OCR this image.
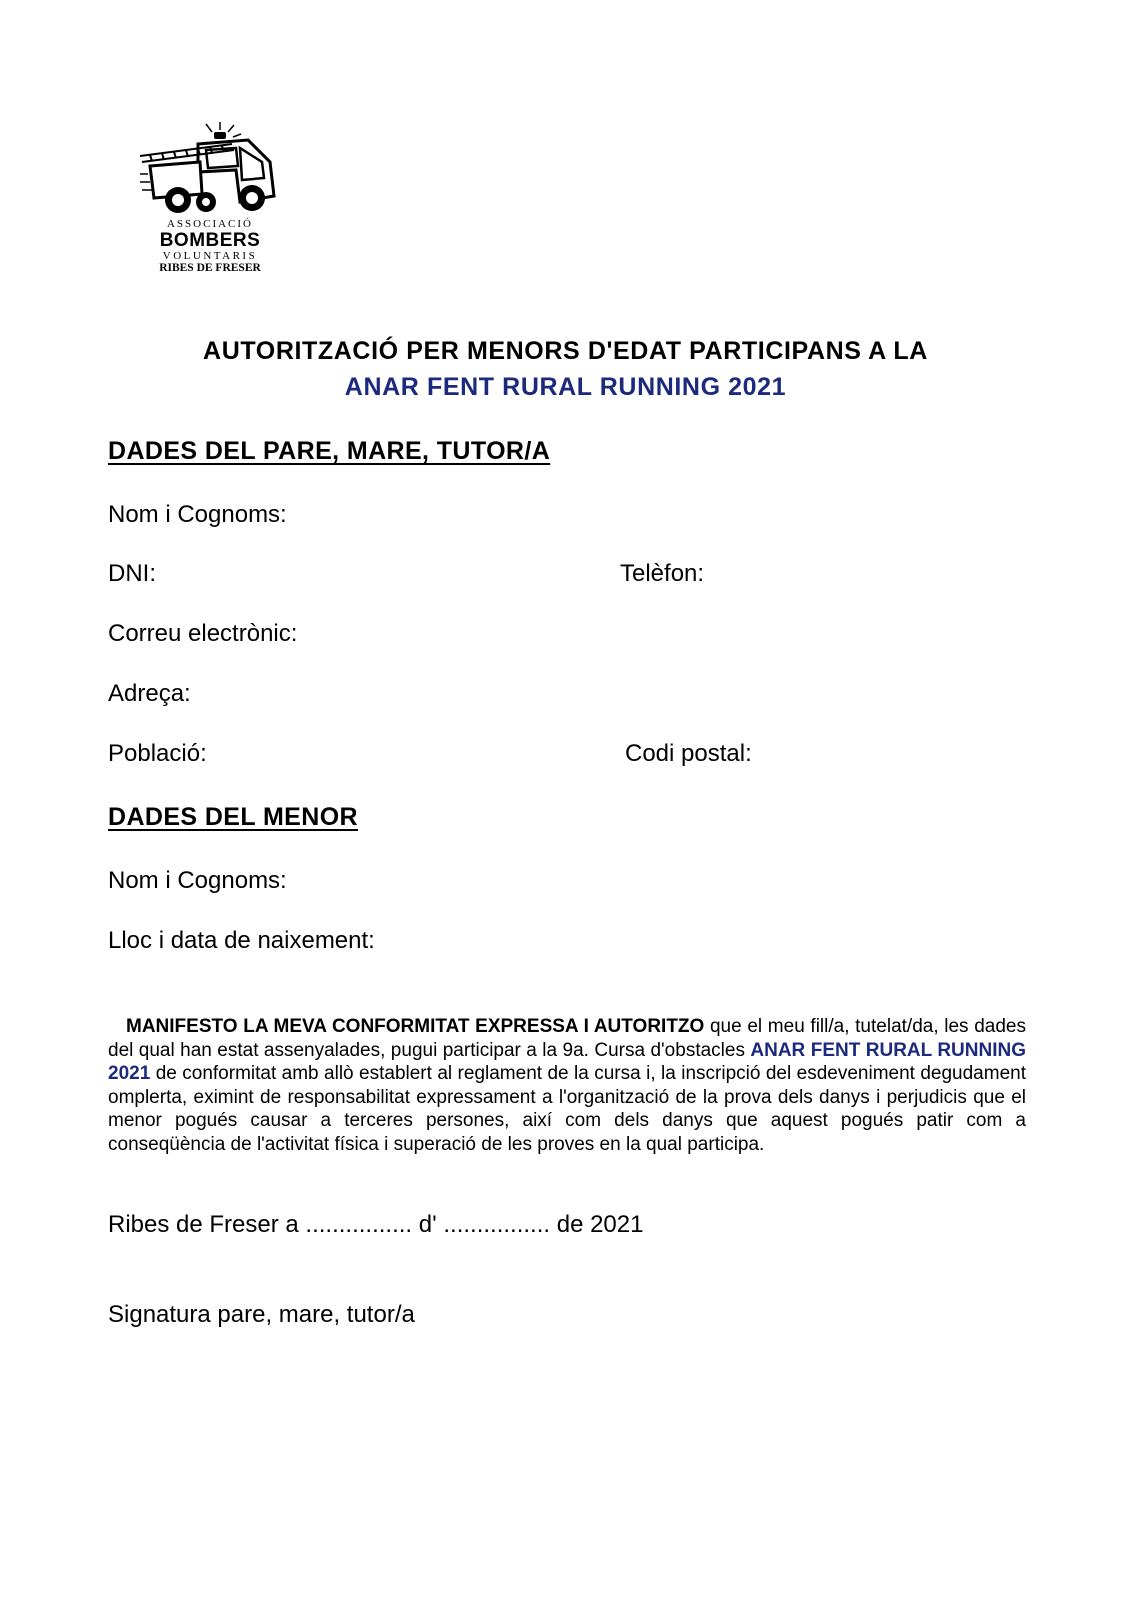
ASSOCIACIÓ
BOMBERS
VOLUNTARIS
RIBES DE FRESER
AUTORITZACIÓ PER MENORS D'EDAT PARTICIPANS A LA
ANAR FENT RURAL RUNNING 2021
DADES DEL PARE, MARE, TUTOR/A
Nom i Cognoms:
DNI:	Telèfon:
Correu electrònic:
Adreça:
Població:	Codi postal:
DADES DEL MENOR
Nom i Cognoms:
Lloc i data de naixement:
MANIFESTO LA MEVA CONFORMITAT EXPRESSA I AUTORITZO que el meu fill/a, tutelat/da, les dades del qual han estat assenyalades, pugui participar a la 9a. Cursa d'obstacles ANAR FENT RURAL RUNNING 2021 de conformitat amb allò establert al reglament de la cursa i, la inscripció del esdeveniment degudament omplerta, eximint de responsabilitat expressament a l'organització de la prova dels danys i perjudicis que el menor pogués causar a terceres persones, així com dels danys que aquest pogués patir com a conseqüència de l'activitat física i superació de les proves en la qual participa.
Ribes de Freser a ................ d' ................ de 2021
Signatura pare, mare, tutor/a
